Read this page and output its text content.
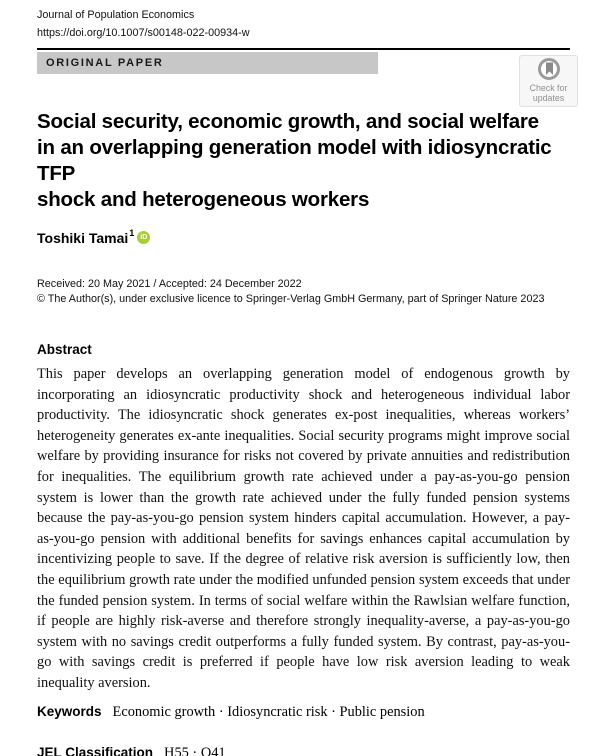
Journal of Population Economics
https://doi.org/10.1007/s00148-022-00934-w
ORIGINAL PAPER
Check for
updates
Social security, economic growth, and social welfare
in an overlapping generation model with idiosyncratic TFP
shock and heterogeneous workers
Toshiki Tamai 1 iD
Received: 20 May 2021 / Accepted: 24 December 2022
© The Author(s), under exclusive licence to Springer-Verlag GmbH Germany, part of Springer Nature 2023
Abstract
This paper develops an overlapping generation model of endogenous growth by incorporating an idiosyncratic productivity shock and heterogeneous individual labor productivity. The idiosyncratic shock generates ex-post inequalities, whereas workers’ heterogeneity generates ex-ante inequalities. Social security programs might improve social welfare by providing insurance for risks not covered by private annuities and redistribution for inequalities. The equilibrium growth rate achieved under a pay-as-you-go pension system is lower than the growth rate achieved under the fully funded pension systems because the pay-as-you-go pension system hinders capital accumulation. However, a pay-as-you-go pension with additional benefits for savings enhances capital accumulation by incentivizing people to save. If the degree of relative risk aversion is sufficiently low, then the equilibrium growth rate under the modified unfunded pension system exceeds that under the funded pension system. In terms of social welfare within the Rawlsian welfare function, if people are highly risk-averse and therefore strongly inequality-averse, a pay-as-you-go system with no savings credit outperforms a fully funded system. By contrast, pay-as-you-go with savings credit is preferred if people have low risk aversion leading to weak inequality aversion.
Keywords Economic growth · Idiosyncratic risk · Public pension
JEL Classification H55 · O41
